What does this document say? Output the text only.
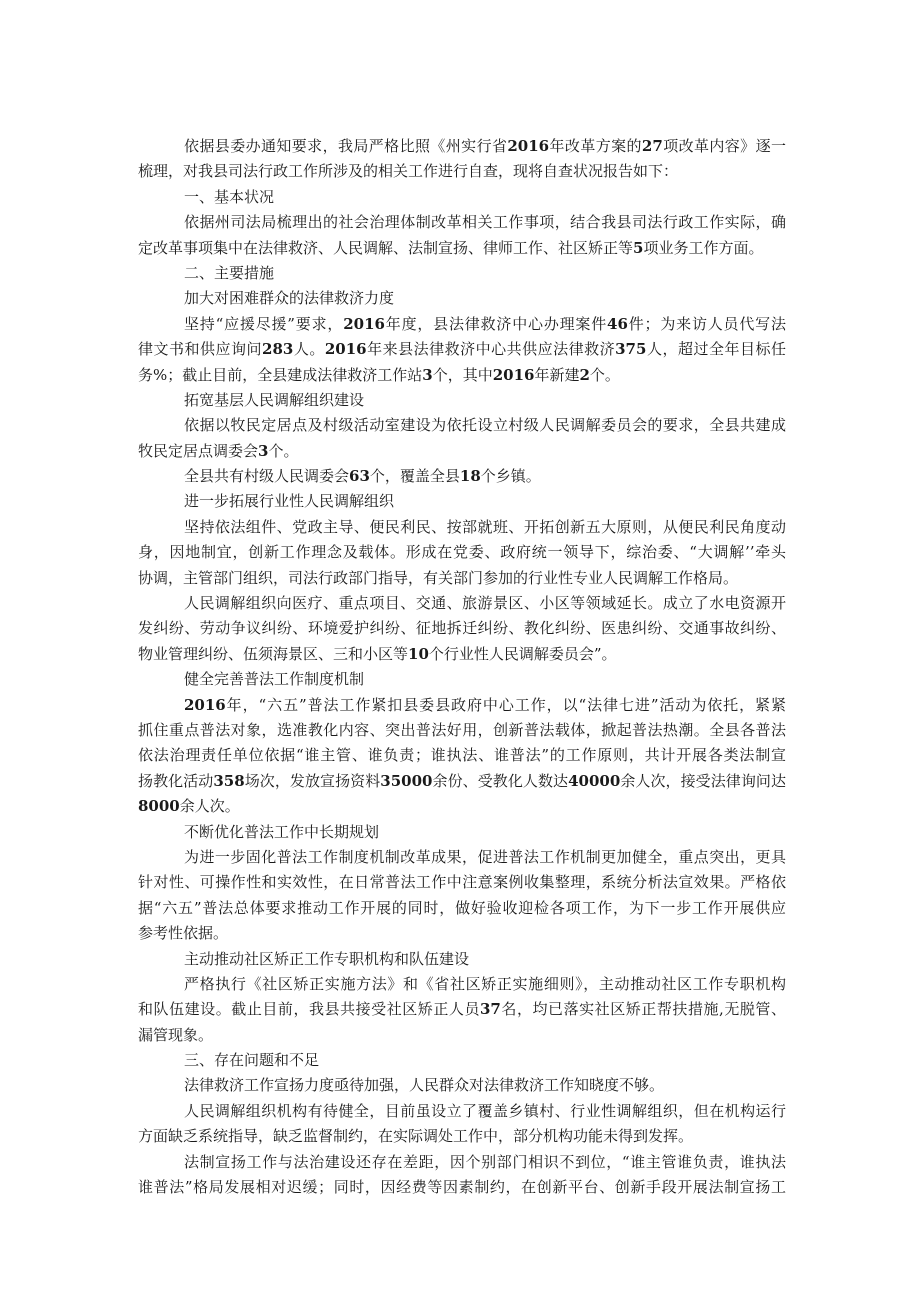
依据县委办通知要求，我局严格比照《州实行省2016年改革方案的27项改革内容》逐一
梳理，对我县司法行政工作所涉及的相关工作进行自查，现将自查状况报告如下：
一、基本状况
依据州司法局梳理出的社会治理体制改革相关工作事项，结合我县司法行政工作实际，确
定改革事项集中在法律救济、人民调解、法制宣扬、律师工作、社区矫正等5项业务工作方面。
二、主要措施
加大对困难群众的法律救济力度
坚持“应援尽援”要求，2016年度，县法律救济中心办理案件46件；为来访人员代写法
律文书和供应询问283人。2016年来县法律救济中心共供应法律救济375人，超过全年目标任
务%；截止目前，全县建成法律救济工作站3个，其中2016年新建2个。
拓宽基层人民调解组织建设
依据以牧民定居点及村级活动室建设为依托设立村级人民调解委员会的要求，全县共建成
牧民定居点调委会3个。
全县共有村级人民调委会63个，覆盖全县18个乡镇。
进一步拓展行业性人民调解组织
坚持依法组件、党政主导、便民利民、按部就班、开拓创新五大原则，从便民利民角度动
身，因地制宜，创新工作理念及载体。形成在党委、政府统一领导下，综治委、“大调解’’牵头
协调，主管部门组织，司法行政部门指导，有关部门参加的行业性专业人民调解工作格局。
人民调解组织向医疗、重点项目、交通、旅游景区、小区等领域延长。成立了水电资源开
发纠纷、劳动争议纠纷、环境爱护纠纷、征地拆迁纠纷、教化纠纷、医患纠纷、交通事故纠纷、
物业管理纠纷、伍须海景区、三和小区等10个行业性人民调解委员会”。
健全完善普法工作制度机制
2016年，“六五”普法工作紧扣县委县政府中心工作，以“法律七进”活动为依托，紧紧
抓住重点普法对象，选准教化内容、突出普法好用，创新普法载体，掀起普法热潮。全县各普法
依法治理责任单位依据“谁主管、谁负责；谁执法、谁普法”的工作原则，共计开展各类法制宣
扬教化活动358场次，发放宣扬资料35000余份、受教化人数达40000余人次，接受法律询问达
8000余人次。
不断优化普法工作中长期规划
为进一步固化普法工作制度机制改革成果，促进普法工作机制更加健全，重点突出，更具
针对性、可操作性和实效性，在日常普法工作中注意案例收集整理，系统分析法宣效果。严格依
据“六五”普法总体要求推动工作开展的同时，做好验收迎检各项工作，为下一步工作开展供应
参考性依据。
主动推动社区矫正工作专职机构和队伍建设
严格执行《社区矫正实施方法》和《省社区矫正实施细则》，主动推动社区工作专职机构
和队伍建设。截止目前，我县共接受社区矫正人员37名，均已落实社区矫正帮扶措施,无脱管、
漏管现象。
三、存在问题和不足
法律救济工作宣扬力度亟待加强，人民群众对法律救济工作知晓度不够。
人民调解组织机构有待健全，目前虽设立了覆盖乡镇村、行业性调解组织，但在机构运行
方面缺乏系统指导，缺乏监督制约，在实际调处工作中，部分机构功能未得到发挥。
法制宣扬工作与法治建设还存在差距，因个别部门相识不到位，“谁主管谁负责，谁执法
谁普法”格局发展相对迟缓；同时，因经费等因素制约，在创新平台、创新手段开展法制宣扬工
